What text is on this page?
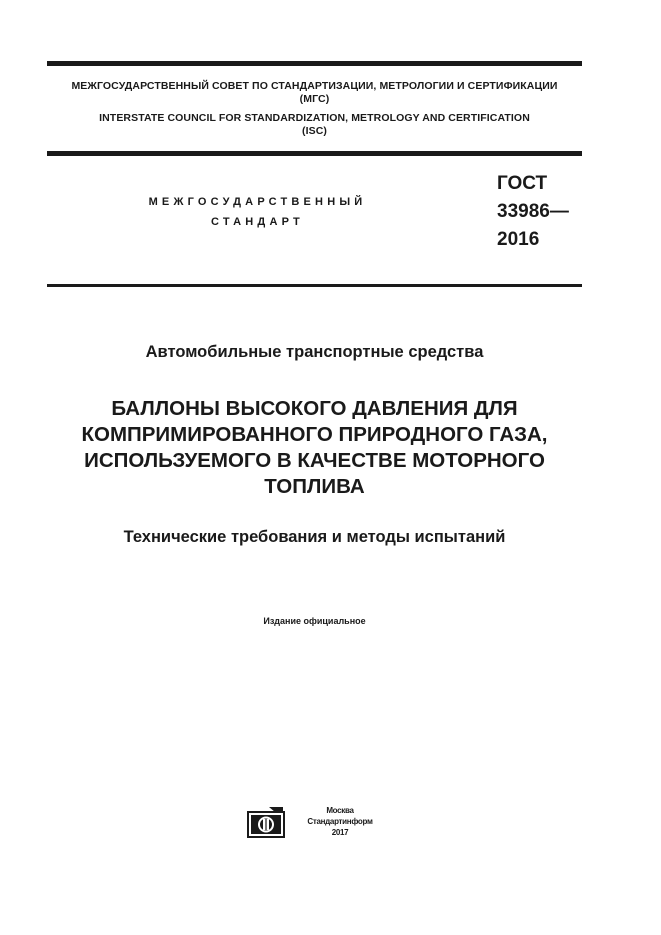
МЕЖГОСУДАРСТВЕННЫЙ СОВЕТ ПО СТАНДАРТИЗАЦИИ, МЕТРОЛОГИИ И СЕРТИФИКАЦИИ
(МГС)
INTERSTATE COUNCIL FOR STANDARDIZATION, METROLOGY AND CERTIFICATION
(ISC)
МЕЖГОСУДАРСТВЕННЫЙ
СТАНДАРТ
ГОСТ
33986—
2016
Автомобильные транспортные средства
БАЛЛОНЫ ВЫСОКОГО ДАВЛЕНИЯ ДЛЯ
КОМПРИМИРОВАННОГО ПРИРОДНОГО ГАЗА,
ИСПОЛЬЗУЕМОГО В КАЧЕСТВЕ МОТОРНОГО
ТОПЛИВА
Технические требования и методы испытаний
Издание официальное
Москва
Стандартинформ
2017
